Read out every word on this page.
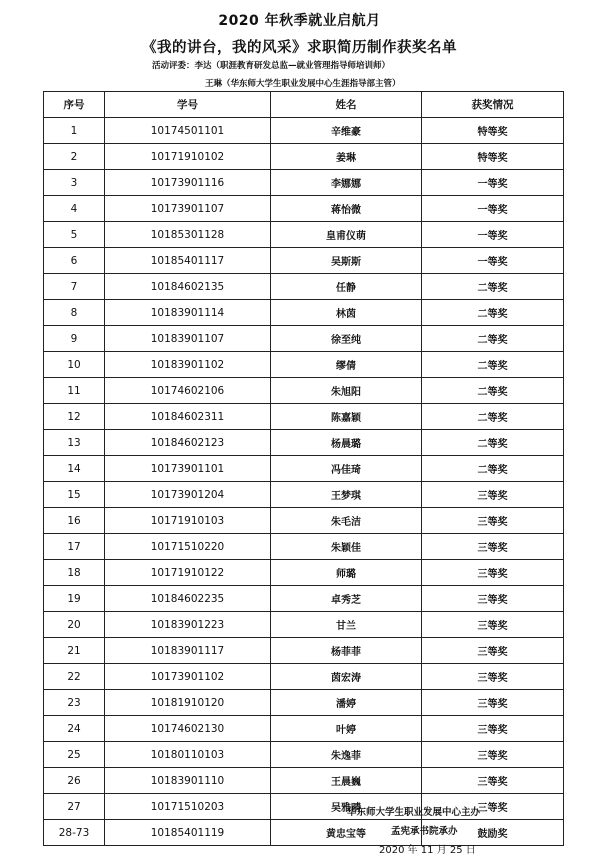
2020 年秋季就业启航月
《我的讲台，我的风采》求职简历制作获奖名单
活动评委：李达（职涯教育研发总监—就业管理指导师培训师）
王琳（华东师大学生职业发展中心生涯指导部主管）
序号	学号	姓名	获奖情况
1	10174501101	辛维豪	特等奖
2	10171910102	姜琳	特等奖
3	10173901116	李娜娜	一等奖
4	10173901107	蒋怡微	一等奖
5	10185301128	皇甫仪萌	一等奖
6	10185401117	吴斯斯	一等奖
7	10184602135	任静	二等奖
8	10183901114	林茵	二等奖
9	10183901107	徐至纯	二等奖
10	10183901102	缪倩	二等奖
11	10174602106	朱旭阳	二等奖
12	10184602311	陈嘉颖	二等奖
13	10184602123	杨晨璐	二等奖
14	10173901101	冯佳琦	二等奖
15	10173901204	王梦琪	三等奖
16	10171910103	朱毛洁	三等奖
17	10171510220	朱颖佳	三等奖
18	10171910122	师璐	三等奖
19	10184602235	卓秀芝	三等奖
20	10183901223	甘兰	三等奖
21	10183901117	杨菲菲	三等奖
22	10173901102	茵宏涛	三等奖
23	10181910120	潘婷	三等奖
24	10174602130	叶婷	三等奖
25	10180110103	朱逸菲	三等奖
26	10183901110	王晨巍	三等奖
27	10171510203	吴雅晴	三等奖
28-73	10185401119	黄忠宝等	鼓励奖
华东师大学生职业发展中心主办
孟宪承书院承办
2020 年 11 月 25 日
